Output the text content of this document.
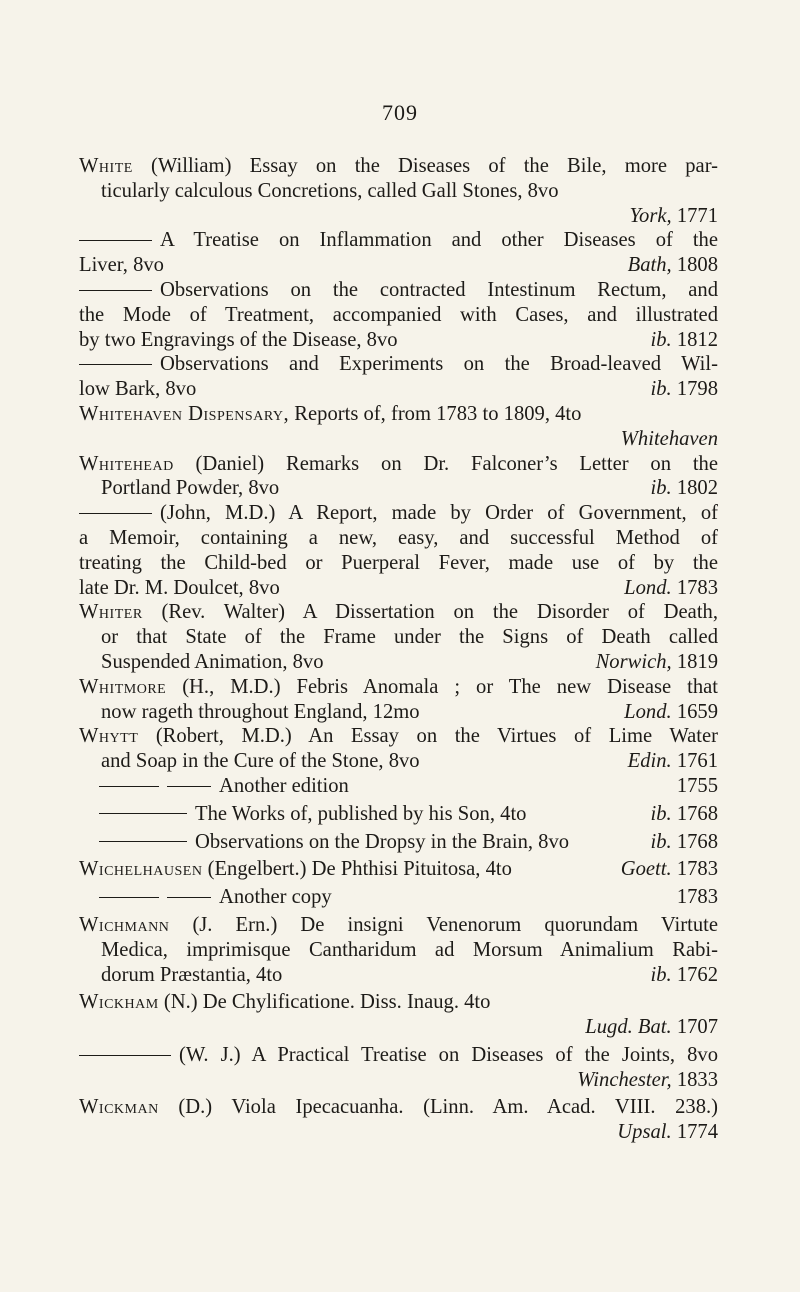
709
White (William) Essay on the Diseases of the Bile, more par-
ticularly calculous Concretions, called Gall Stones, 8vo
York, 1771
A Treatise on Inflammation and other Diseases of the
Liver, 8vo	Bath, 1808
Observations on the contracted Intestinum Rectum, and
the Mode of Treatment, accompanied with Cases, and illustrated
by two Engravings of the Disease, 8vo	ib. 1812
Observations and Experiments on the Broad-leaved Wil-
low Bark, 8vo	ib. 1798
Whitehaven Dispensary, Reports of, from 1783 to 1809, 4to
Whitehaven
Whitehead (Daniel) Remarks on Dr. Falconer’s Letter on the
Portland Powder, 8vo	ib. 1802
(John, M.D.) A Report, made by Order of Government, of
a Memoir, containing a new, easy, and successful Method of
treating the Child-bed or Puerperal Fever, made use of by the
late Dr. M. Doulcet, 8vo	Lond. 1783
Whiter (Rev. Walter) A Dissertation on the Disorder of Death,
or that State of the Frame under the Signs of Death called
Suspended Animation, 8vo	Norwich, 1819
Whitmore (H., M.D.) Febris Anomala ; or The new Disease that
now rageth throughout England, 12mo	Lond. 1659
Whytt (Robert, M.D.) An Essay on the Virtues of Lime Water
and Soap in the Cure of the Stone, 8vo	Edin. 1761
Another edition	1755
The Works of, published by his Son, 4to	ib. 1768
Observations on the Dropsy in the Brain, 8vo	ib. 1768
Wichelhausen (Engelbert.) De Phthisi Pituitosa, 4to	Goett. 1783
Another copy	1783
Wichmann (J. Ern.) De insigni Venenorum quorundam Virtute
Medica, imprimisque Cantharidum ad Morsum Animalium Rabi-
dorum Præstantia, 4to	ib. 1762
Wickham (N.) De Chylificatione. Diss. Inaug. 4to
Lugd. Bat. 1707
(W. J.) A Practical Treatise on Diseases of the Joints, 8vo
Winchester, 1833
Wickman (D.) Viola Ipecacuanha. (Linn. Am. Acad. VIII. 238.)
Upsal. 1774
